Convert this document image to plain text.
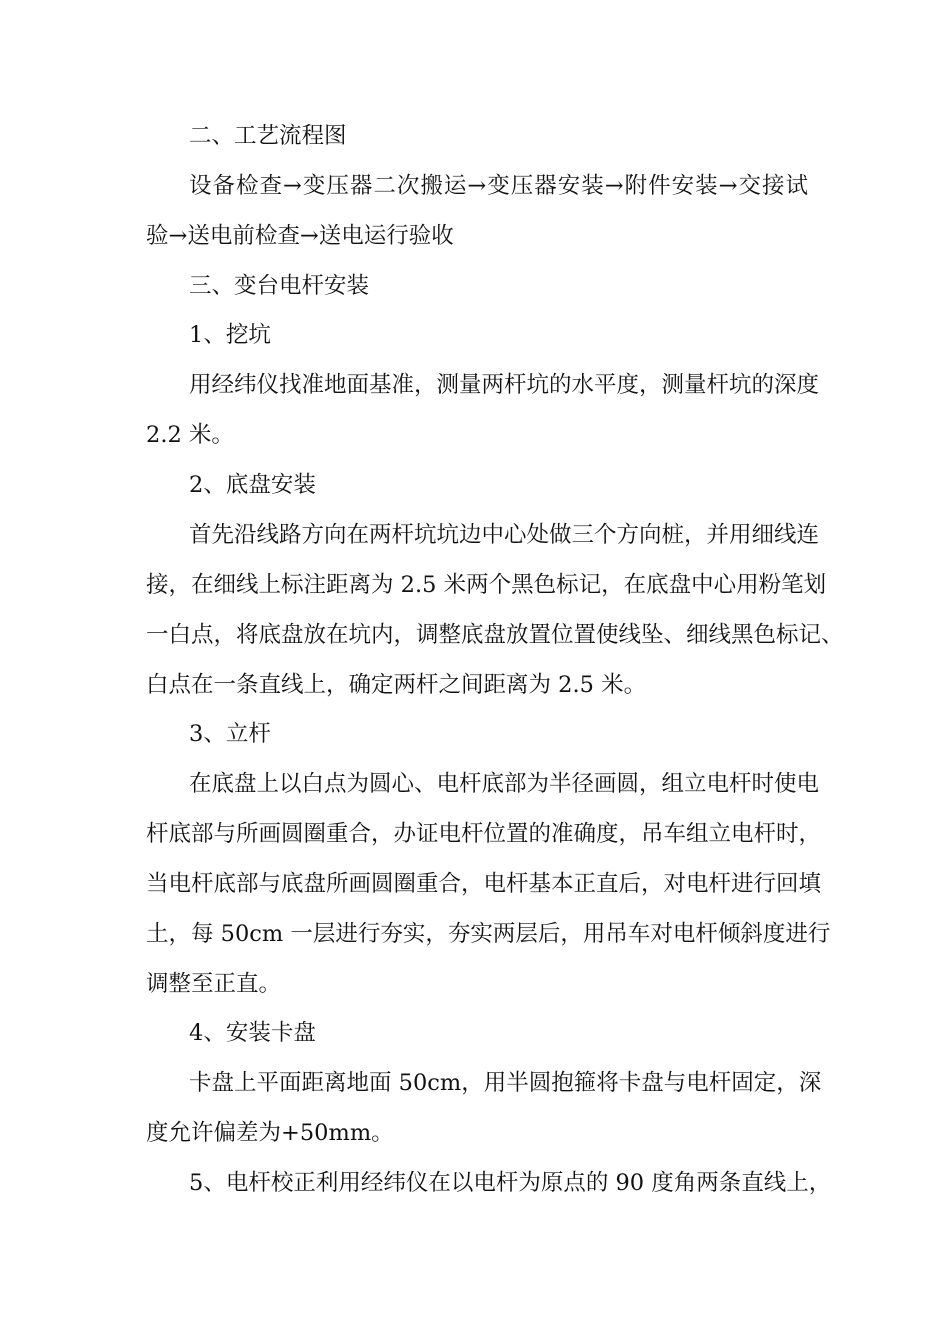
二、工艺流程图
设备检查→变压器二次搬运→变压器安装→附件安装→交接试
验→送电前检查→送电运行验收
三、变台电杆安装
1、挖坑
用经纬仪找准地面基准，测量两杆坑的水平度，测量杆坑的深度
2.2 米。
2、底盘安装
首先沿线路方向在两杆坑坑边中心处做三个方向桩，并用细线连
接，在细线上标注距离为 2.5 米两个黑色标记，在底盘中心用粉笔划
一白点，将底盘放在坑内，调整底盘放置位置使线坠、细线黑色标记、
白点在一条直线上，确定两杆之间距离为 2.5 米。
3、立杆
在底盘上以白点为圆心、电杆底部为半径画圆，组立电杆时使电
杆底部与所画圆圈重合，办证电杆位置的准确度，吊车组立电杆时，
当电杆底部与底盘所画圆圈重合，电杆基本正直后，对电杆进行回填
土，每 50cm 一层进行夯实，夯实两层后，用吊车对电杆倾斜度进行
调整至正直。
4、安装卡盘
卡盘上平面距离地面 50cm，用半圆抱箍将卡盘与电杆固定，深
度允许偏差为+50mm。
5、电杆校正利用经纬仪在以电杆为原点的 90 度角两条直线上，
